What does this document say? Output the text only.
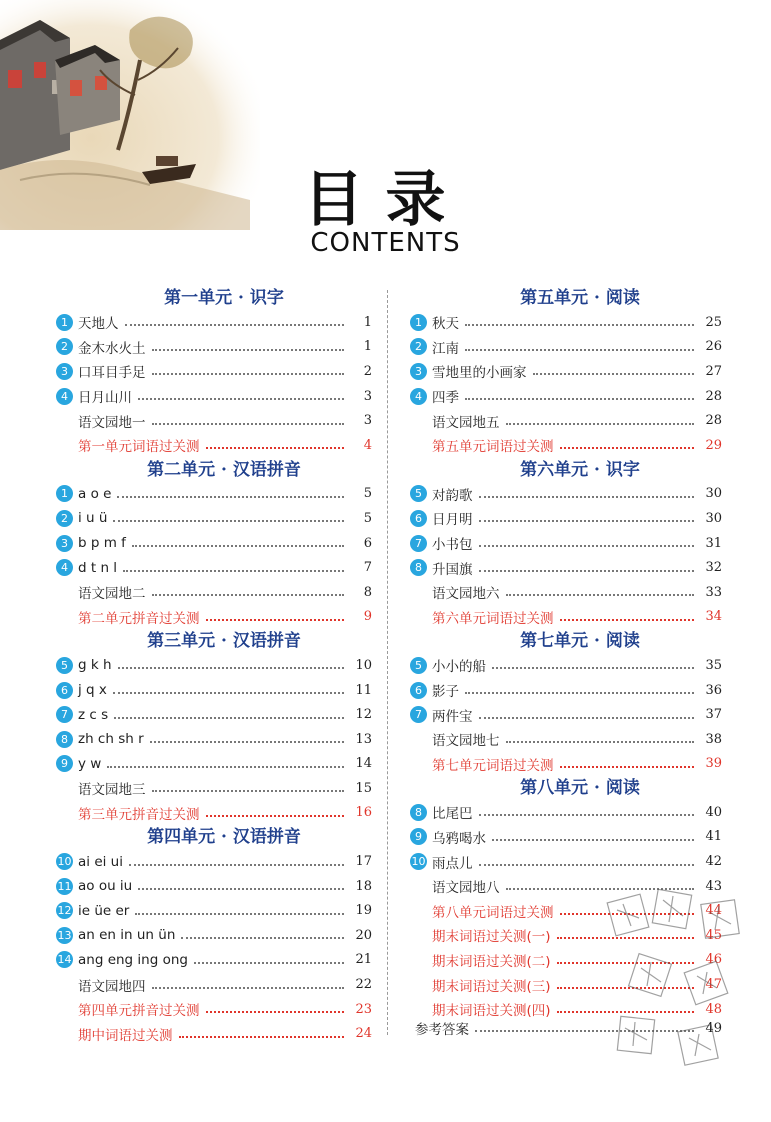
目录
CONTENTS
第一单元 · 识字
1 天地人	1
2 金木水火土	1
3 口耳目手足	2
4 日月山川	3
语文园地一	3
第一单元词语过关测	4
第二单元 · 汉语拼音
1 a o e	5
2 i u ü	5
3 b p m f	6
4 d t n l	7
语文园地二	8
第二单元拼音过关测	9
第三单元 · 汉语拼音
5 g k h	10
6 j q x	11
7 z c s	12
8 zh ch sh r	13
9 y w	14
语文园地三	15
第三单元拼音过关测	16
第四单元 · 汉语拼音
10 ai ei ui	17
11 ao ou iu	18
12 ie üe er	19
13 an en in un ün	20
14 ang eng ing ong	21
语文园地四	22
第四单元拼音过关测	23
期中词语过关测	24
第五单元 · 阅读
1 秋天	25
2 江南	26
3 雪地里的小画家	27
4 四季	28
语文园地五	28
第五单元词语过关测	29
第六单元 · 识字
5 对韵歌	30
6 日月明	30
7 小书包	31
8 升国旗	32
语文园地六	33
第六单元词语过关测	34
第七单元 · 阅读
5 小小的船	35
6 影子	36
7 两件宝	37
语文园地七	38
第七单元词语过关测	39
第八单元 · 阅读
8 比尾巴	40
9 乌鸦喝水	41
10 雨点儿	42
语文园地八	43
第八单元词语过关测	44
期末词语过关测(一)	45
期末词语过关测(二)	46
期末词语过关测(三)	47
期末词语过关测(四)	48
参考答案	49
